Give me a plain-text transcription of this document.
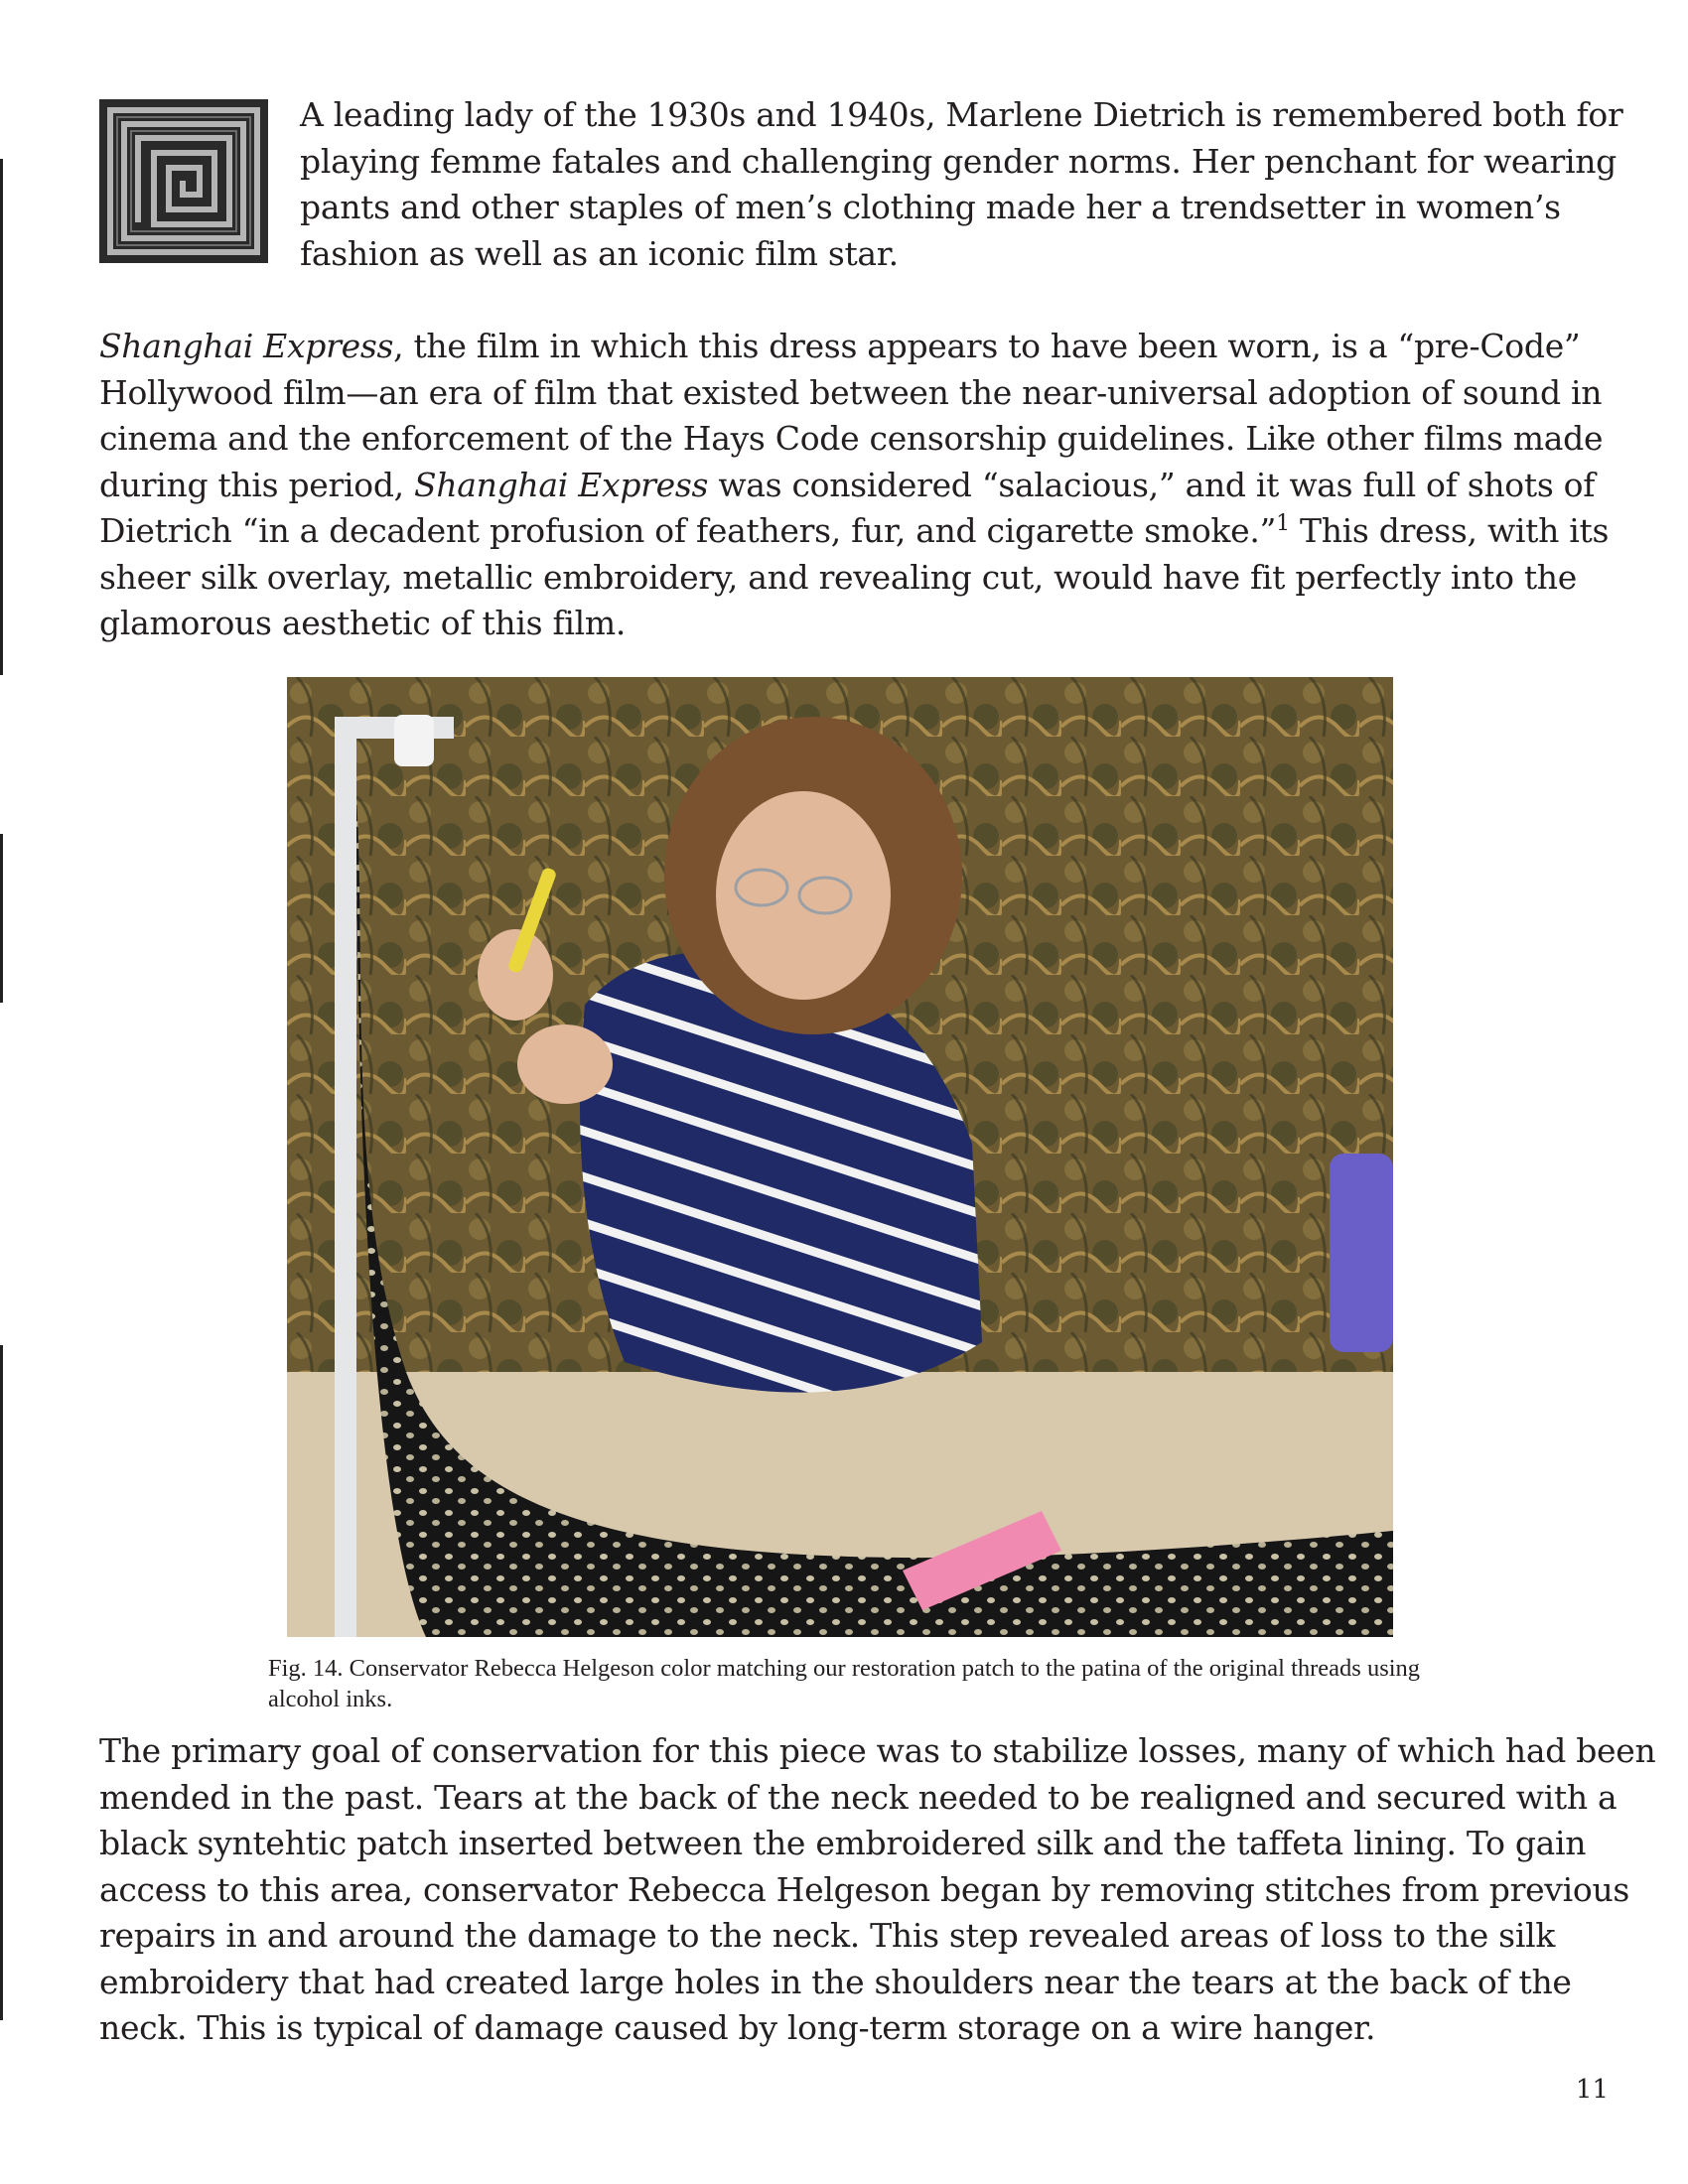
A leading lady of the 1930s and 1940s, Marlene Dietrich is remembered both for playing femme fatales and challenging gender norms. Her penchant for wearing pants and other staples of men’s clothing made her a trendsetter in women’s fashion as well as an iconic film star.

Shanghai Express, the film in which this dress appears to have been worn, is a “pre-Code” Hollywood film—an era of film that existed between the near-universal adoption of sound in cinema and the enforcement of the Hays Code censorship guidelines. Like other films made during this period, Shanghai Express was considered “salacious,” and it was full of shots of Dietrich “in a decadent profusion of feathers, fur, and cigarette smoke.”$^1$ This dress, with its sheer silk overlay, metallic embroidery, and revealing cut, would have fit perfectly into the glamorous aesthetic of this film.

Fig. 14. Conservator Rebecca Helgeson color matching our restoration patch to the patina of the original threads using alcohol inks.

The primary goal of conservation for this piece was to stabilize losses, many of which had been mended in the past. Tears at the back of the neck needed to be realigned and secured with a black syntehtic patch inserted between the embroidered silk and the taffeta lining. To gain access to this area, conservator Rebecca Helgeson began by removing stitches from previous repairs in and around the damage to the neck. This step revealed areas of loss to the silk embroidery that had created large holes in the shoulders near the tears at the back of the neck. This is typical of damage caused by long-term storage on a wire hanger.

11
